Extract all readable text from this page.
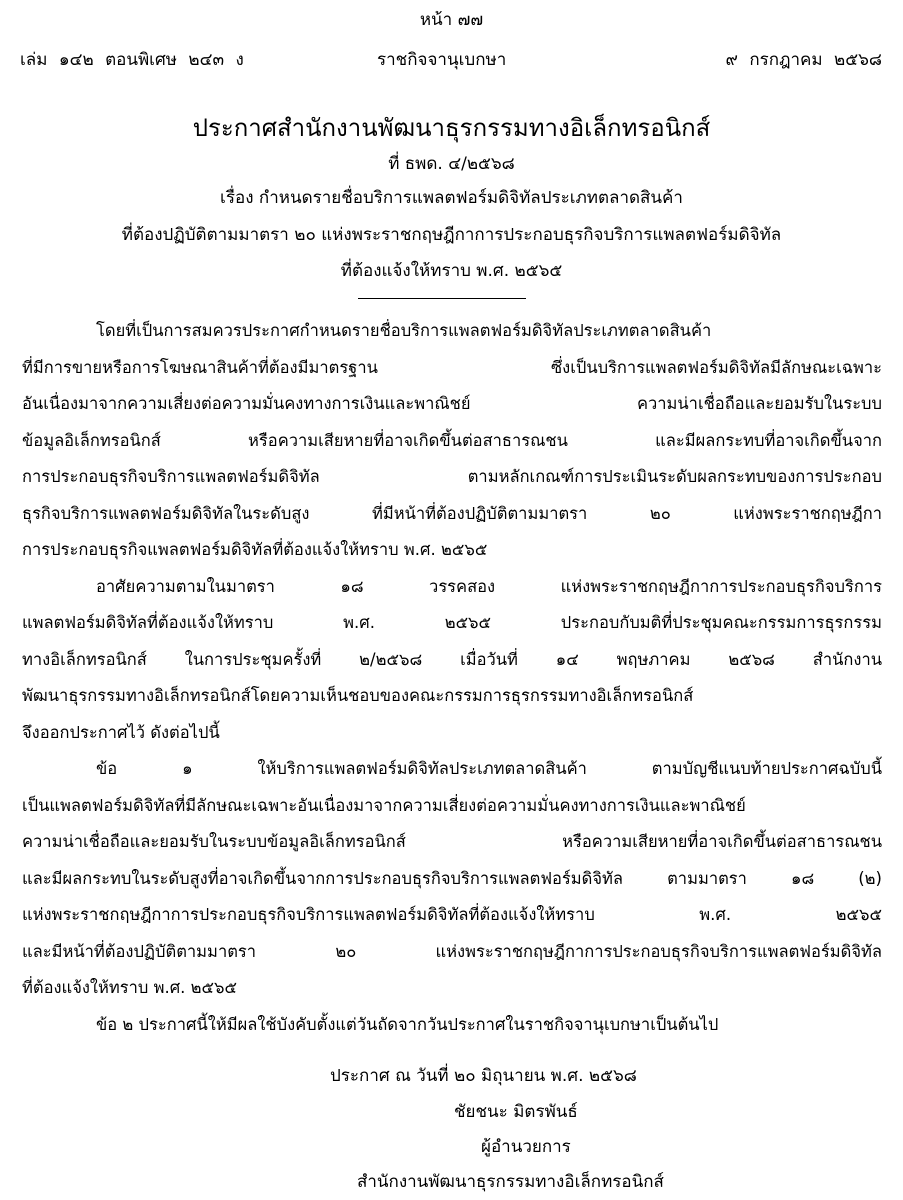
หน้า ๗๗
เล่ม ๑๔๒ ตอนพิเศษ ๒๔๓ ง	ราชกิจจานุเบกษา	๙ กรกฎาคม ๒๕๖๘
ประกาศสำนักงานพัฒนาธุรกรรมทางอิเล็กทรอนิกส์
ที่ ธพด. ๔/๒๕๖๘
เรื่อง กำหนดรายชื่อบริการแพลตฟอร์มดิจิทัลประเภทตลาดสินค้า
ที่ต้องปฏิบัติตามมาตรา ๒๐ แห่งพระราชกฤษฎีกาการประกอบธุรกิจบริการแพลตฟอร์มดิจิทัล
ที่ต้องแจ้งให้ทราบ พ.ศ. ๒๕๖๕
โดยที่เป็นการสมควรประกาศกำหนดรายชื่อบริการแพลตฟอร์มดิจิทัลประเภทตลาดสินค้า
ที่มีการขายหรือการโฆษณาสินค้าที่ต้องมีมาตรฐาน ซึ่งเป็นบริการแพลตฟอร์มดิจิทัลมีลักษณะเฉพาะ
อันเนื่องมาจากความเสี่ยงต่อความมั่นคงทางการเงินและพาณิชย์ ความน่าเชื่อถือและยอมรับในระบบ
ข้อมูลอิเล็กทรอนิกส์ หรือความเสียหายที่อาจเกิดขึ้นต่อสาธารณชน และมีผลกระทบที่อาจเกิดขึ้นจาก
การประกอบธุรกิจบริการแพลตฟอร์มดิจิทัล ตามหลักเกณฑ์การประเมินระดับผลกระทบของการประกอบ
ธุรกิจบริการแพลตฟอร์มดิจิทัลในระดับสูง ที่มีหน้าที่ต้องปฏิบัติตามมาตรา ๒๐ แห่งพระราชกฤษฎีกา
การประกอบธุรกิจแพลตฟอร์มดิจิทัลที่ต้องแจ้งให้ทราบ พ.ศ. ๒๕๖๕
อาศัยความตามในมาตรา ๑๘ วรรคสอง แห่งพระราชกฤษฎีกาการประกอบธุรกิจบริการ
แพลตฟอร์มดิจิทัลที่ต้องแจ้งให้ทราบ พ.ศ. ๒๕๖๕ ประกอบกับมติที่ประชุมคณะกรรมการธุรกรรม
ทางอิเล็กทรอนิกส์ ในการประชุมครั้งที่ ๒/๒๕๖๘ เมื่อวันที่ ๑๔ พฤษภาคม ๒๕๖๘ สำนักงาน
พัฒนาธุรกรรมทางอิเล็กทรอนิกส์โดยความเห็นชอบของคณะกรรมการธุรกรรมทางอิเล็กทรอนิกส์
จึงออกประกาศไว้ ดังต่อไปนี้
ข้อ ๑ ให้บริการแพลตฟอร์มดิจิทัลประเภทตลาดสินค้า ตามบัญชีแนบท้ายประกาศฉบับนี้
เป็นแพลตฟอร์มดิจิทัลที่มีลักษณะเฉพาะอันเนื่องมาจากความเสี่ยงต่อความมั่นคงทางการเงินและพาณิชย์
ความน่าเชื่อถือและยอมรับในระบบข้อมูลอิเล็กทรอนิกส์ หรือความเสียหายที่อาจเกิดขึ้นต่อสาธารณชน
และมีผลกระทบในระดับสูงที่อาจเกิดขึ้นจากการประกอบธุรกิจบริการแพลตฟอร์มดิจิทัล ตามมาตรา ๑๘ (๒)
แห่งพระราชกฤษฎีกาการประกอบธุรกิจบริการแพลตฟอร์มดิจิทัลที่ต้องแจ้งให้ทราบ พ.ศ. ๒๕๖๕
และมีหน้าที่ต้องปฏิบัติตามมาตรา ๒๐ แห่งพระราชกฤษฎีกาการประกอบธุรกิจบริการแพลตฟอร์มดิจิทัล
ที่ต้องแจ้งให้ทราบ พ.ศ. ๒๕๖๕
ข้อ ๒ ประกาศนี้ให้มีผลใช้บังคับตั้งแต่วันถัดจากวันประกาศในราชกิจจานุเบกษาเป็นต้นไป
ประกาศ ณ วันที่ ๒๐ มิถุนายน พ.ศ. ๒๕๖๘
ชัยชนะ มิตรพันธ์
ผู้อำนวยการ
สำนักงานพัฒนาธุรกรรมทางอิเล็กทรอนิกส์
